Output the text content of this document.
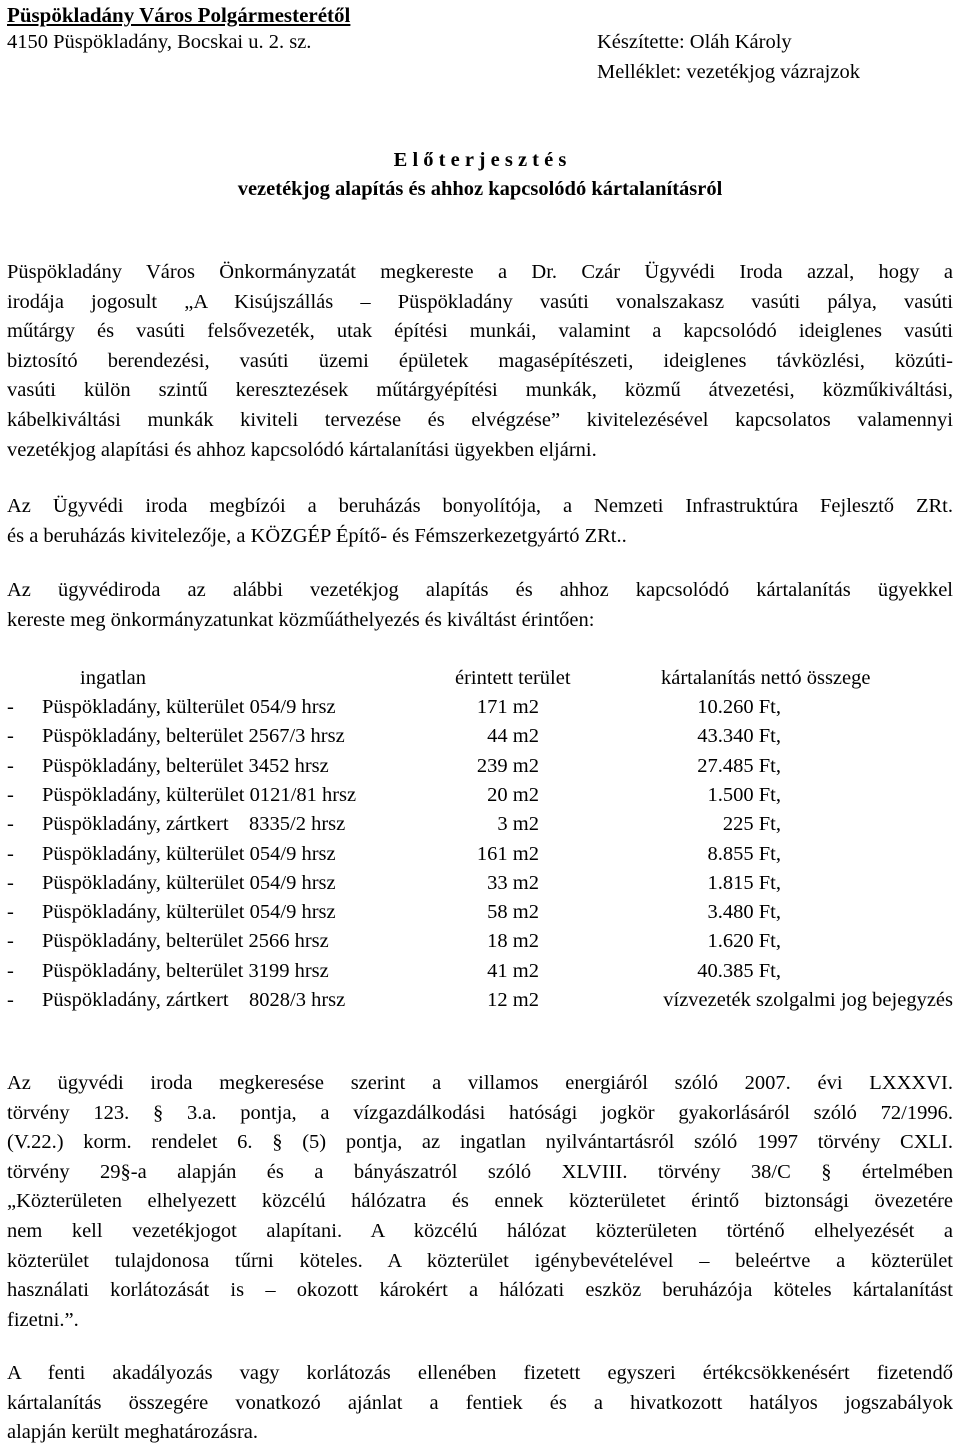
Püspökladány Város Polgármesterétől
4150 Püspökladány, Bocskai u. 2. sz.	Készítette: Oláh Károly
Melléklet: vezetékjog vázrajzok
E l ő t e r j e s z t é s
vezetékjog alapítás és ahhoz kapcsolódó kártalanításról
Püspökladány Város Önkormányzatát megkereste a Dr. Czár Ügyvédi Iroda azzal, hogy a
irodája jogosult „A Kisújszállás – Püspökladány vasúti vonalszakasz vasúti pálya, vasúti
műtárgy és vasúti felsővezeték, utak építési munkái, valamint a kapcsolódó ideiglenes vasúti
biztosító berendezési, vasúti üzemi épületek magasépítészeti, ideiglenes távközlési, közúti-
vasúti külön szintű keresztezések műtárgyépítési munkák, közmű átvezetési, közműkiváltási,
kábelkiváltási munkák kiviteli tervezése és elvégzése” kivitelezésével kapcsolatos valamennyi
vezetékjog alapítási és ahhoz kapcsolódó kártalanítási ügyekben eljárni.
Az Ügyvédi iroda megbízói a beruházás bonyolítója, a Nemzeti Infrastruktúra Fejlesztő ZRt.
és a beruházás kivitelezője, a KÖZGÉP Építő- és Fémszerkezetgyártó ZRt..
Az ügyvédiroda az alábbi vezetékjog alapítás és ahhoz kapcsolódó kártalanítás ügyekkel
kereste meg önkormányzatunkat közműáthelyezés és kiváltást érintően:
ingatlan	érintett terület	kártalanítás nettó összege
- Püspökladány, külterület 054/9 hrsz	171 m2	10.260 Ft,
- Püspökladány, belterület 2567/3 hrsz	44 m2	43.340 Ft,
- Püspökladány, belterület 3452 hrsz	239 m2	27.485 Ft,
- Püspökladány, külterület 0121/81 hrsz	20 m2	1.500 Ft,
- Püspökladány, zártkert    8335/2 hrsz	3 m2	225 Ft,
- Püspökladány, külterület 054/9 hrsz	161 m2	8.855 Ft,
- Püspökladány, külterület 054/9 hrsz	33 m2	1.815 Ft,
- Püspökladány, külterület 054/9 hrsz	58 m2	3.480 Ft,
- Püspökladány, belterület 2566 hrsz	18 m2	1.620 Ft,
- Püspökladány, belterület 3199 hrsz	41 m2	40.385 Ft,
- Püspökladány, zártkert    8028/3 hrsz	12 m2	vízvezeték szolgalmi jog bejegyzés
Az ügyvédi iroda megkeresése szerint a villamos energiáról szóló 2007. évi LXXXVI.
törvény 123. § 3.a. pontja, a vízgazdálkodási hatósági jogkör gyakorlásáról szóló 72/1996.
(V.22.) korm. rendelet 6. § (5) pontja, az ingatlan nyilvántartásról szóló 1997 törvény CXLI.
törvény 29§-a alapján és a bányászatról szóló XLVIII. törvény 38/C § értelmében
„Közterületen elhelyezett közcélú hálózatra és ennek közterületet érintő biztonsági övezetére
nem kell vezetékjogot alapítani. A közcélú hálózat közterületen történő elhelyezését a
közterület tulajdonosa tűrni köteles. A közterület igénybevételével – beleértve a közterület
használati korlátozását is – okozott károkért a hálózati eszköz beruházója köteles kártalanítást
fizetni.”.
A fenti akadályozás vagy korlátozás ellenében fizetett egyszeri értékcsökkenésért fizetendő
kártalanítás összegére vonatkozó ajánlat a fentiek és a hivatkozott hatályos jogszabályok
alapján került meghatározásra.
